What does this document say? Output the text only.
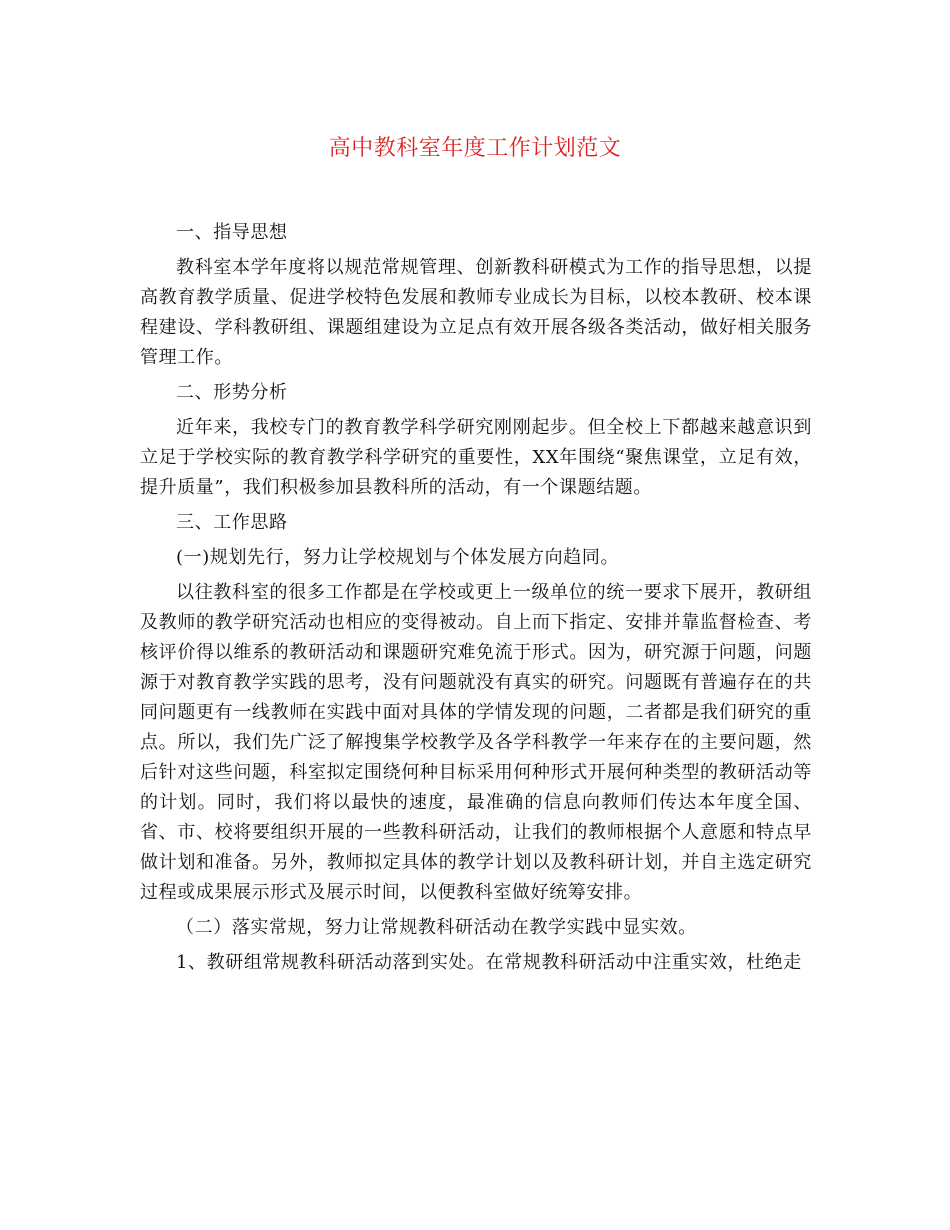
高中教科室年度工作计划范文

一、指导思想

教科室本学年度将以规范常规管理、创新教科研模式为工作的指导思想，以提高教育教学质量、促进学校特色发展和教师专业成长为目标，以校本教研、校本课程建设、学科教研组、课题组建设为立足点有效开展各级各类活动，做好相关服务管理工作。

二、形势分析

近年来，我校专门的教育教学科学研究刚刚起步。但全校上下都越来越意识到立足于学校实际的教育教学科学研究的重要性，XX年围绕“聚焦课堂，立足有效，提升质量”，我们积极参加县教科所的活动，有一个课题结题。

三、工作思路

(一)规划先行，努力让学校规划与个体发展方向趋同。

以往教科室的很多工作都是在学校或更上一级单位的统一要求下展开，教研组及教师的教学研究活动也相应的变得被动。自上而下指定、安排并靠监督检查、考核评价得以维系的教研活动和课题研究难免流于形式。因为，研究源于问题，问题源于对教育教学实践的思考，没有问题就没有真实的研究。问题既有普遍存在的共同问题更有一线教师在实践中面对具体的学情发现的问题，二者都是我们研究的重点。所以，我们先广泛了解搜集学校教学及各学科教学一年来存在的主要问题，然后针对这些问题，科室拟定围绕何种目标采用何种形式开展何种类型的教研活动等的计划。同时，我们将以最快的速度，最准确的信息向教师们传达本年度全国、省、市、校将要组织开展的一些教科研活动，让我们的教师根据个人意愿和特点早做计划和准备。另外，教师拟定具体的教学计划以及教科研计划，并自主选定研究过程或成果展示形式及展示时间，以便教科室做好统筹安排。

（二）落实常规，努力让常规教科研活动在教学实践中显实效。

1、教研组常规教科研活动落到实处。在常规教科研活动中注重实效，杜绝走
